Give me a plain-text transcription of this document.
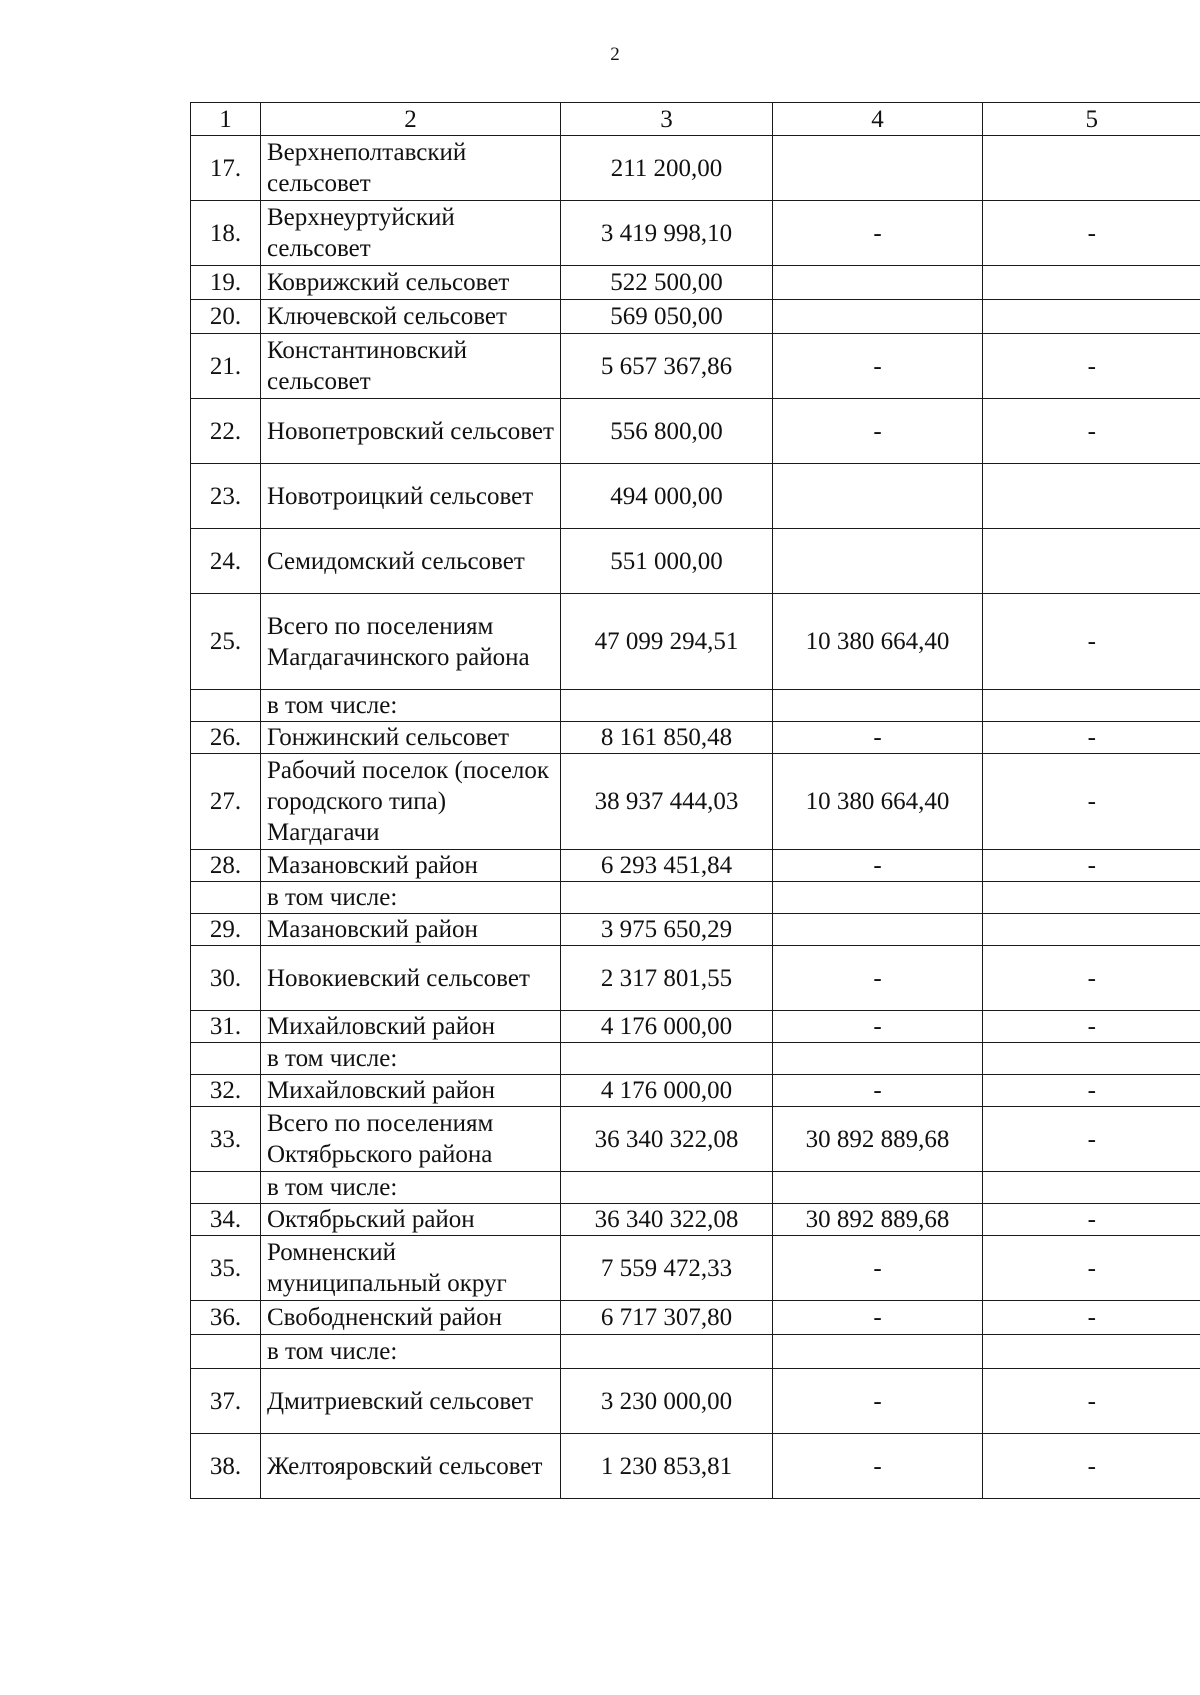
2
1	2	3	4	5
17.	Верхнеполтавский сельсовет	211 200,00		
18.	Верхнеуртуйский сельсовет	3 419 998,10	-	-
19.	Коврижский сельсовет	522 500,00		
20.	Ключевской сельсовет	569 050,00		
21.	Константиновский сельсовет	5 657 367,86	-	-
22.	Новопетровский сельсовет	556 800,00	-	-
23.	Новотроицкий сельсовет	494 000,00		
24.	Семидомский сельсовет	551 000,00		
25.	Всего по поселениям Магдагачинского района	47 099 294,51	10 380 664,40	-
	в том числе:			
26.	Гонжинский сельсовет	8 161 850,48	-	-
27.	Рабочий поселок (поселок городского типа) Магдагачи	38 937 444,03	10 380 664,40	-
28.	Мазановский район	6 293 451,84	-	-
	в том числе:			
29.	Мазановский район	3 975 650,29		
30.	Новокиевский сельсовет	2 317 801,55	-	-
31.	Михайловский район	4 176 000,00	-	-
	в том числе:			
32.	Михайловский район	4 176 000,00	-	-
33.	Всего по поселениям Октябрьского района	36 340 322,08	30 892 889,68	-
	в том числе:			
34.	Октябрьский район	36 340 322,08	30 892 889,68	-
35.	Ромненский муниципальный округ	7 559 472,33	-	-
36.	Свободненский район	6 717 307,80	-	-
	в том числе:			
37.	Дмитриевский сельсовет	3 230 000,00	-	-
38.	Желтояровский сельсовет	1 230 853,81	-	-
